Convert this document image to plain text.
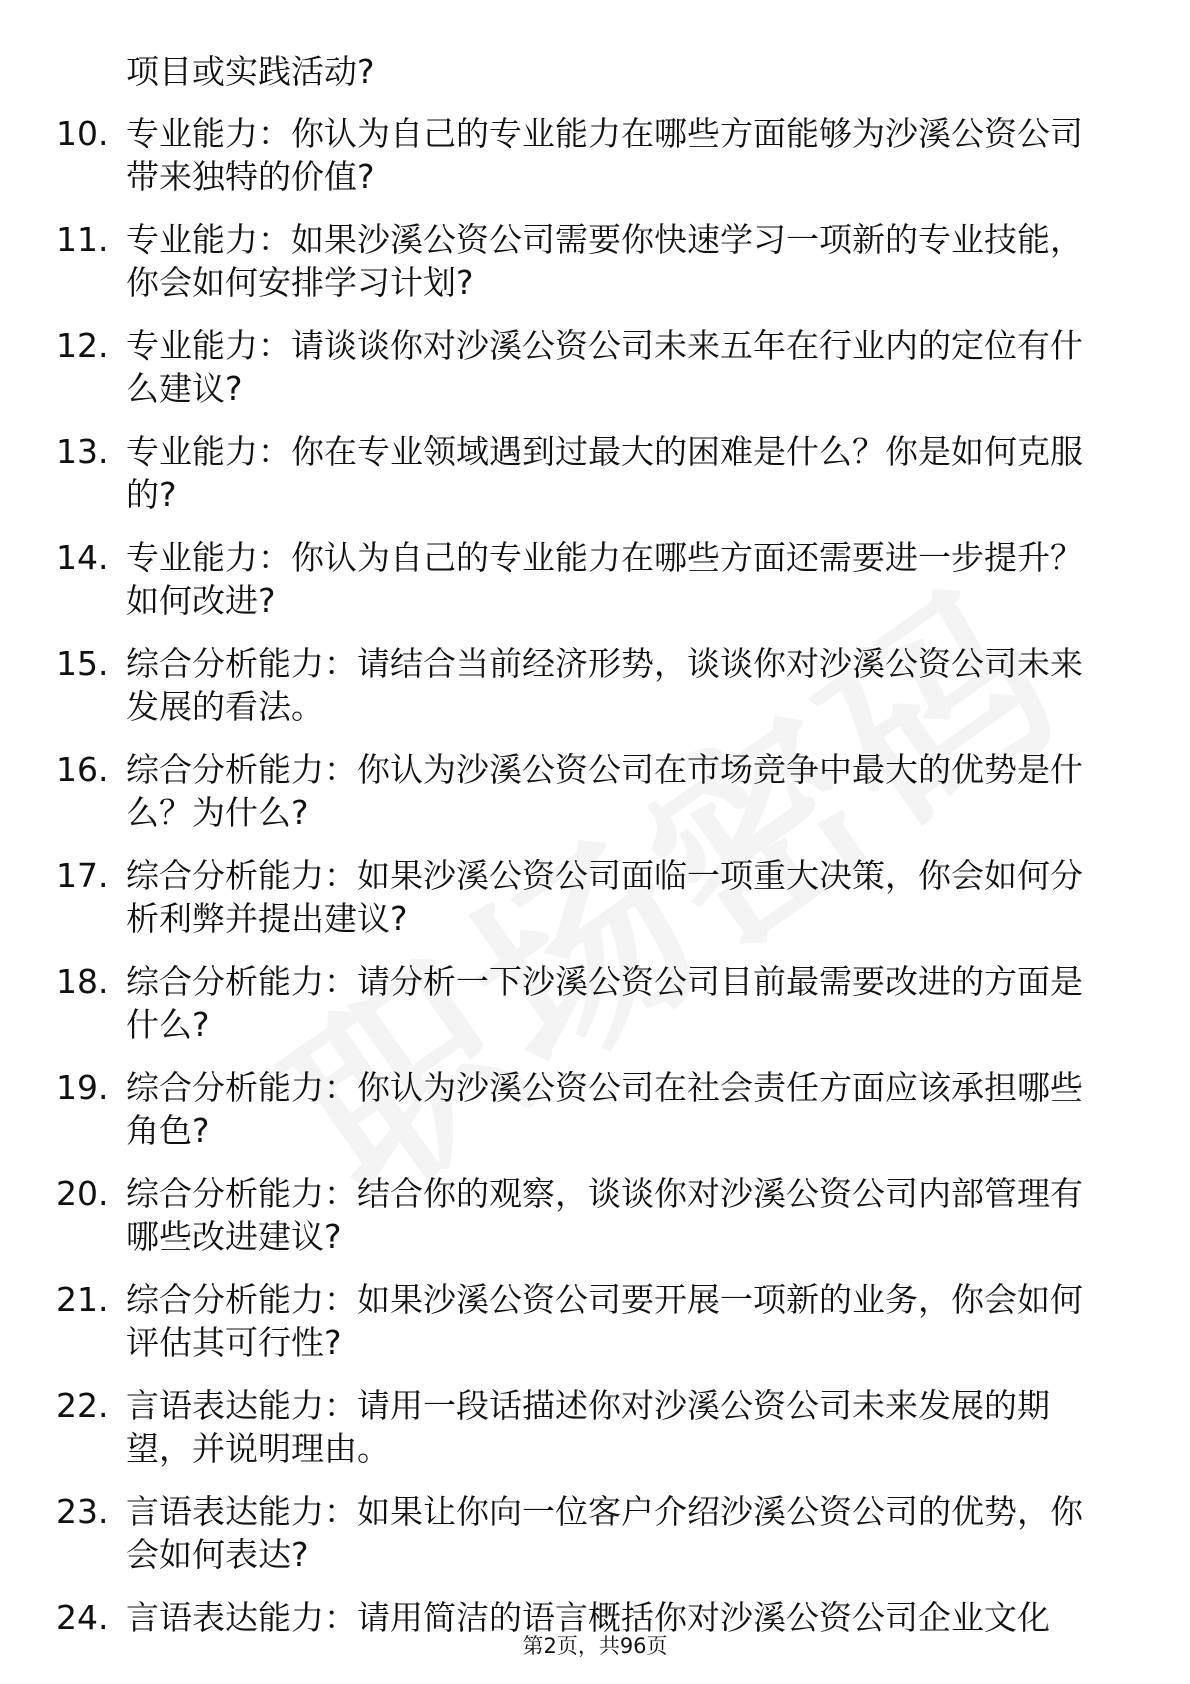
项目或实践活动?
10. 专业能力：你认为自己的专业能力在哪些方面能够为沙溪公资公司带来独特的价值?
11. 专业能力：如果沙溪公资公司需要你快速学习一项新的专业技能，你会如何安排学习计划?
12. 专业能力：请谈谈你对沙溪公资公司未来五年在行业内的定位有什么建议?
13. 专业能力：你在专业领域遇到过最大的困难是什么？你是如何克服的?
14. 专业能力：你认为自己的专业能力在哪些方面还需要进一步提升？如何改进?
15. 综合分析能力：请结合当前经济形势，谈谈你对沙溪公资公司未来发展的看法。
16. 综合分析能力：你认为沙溪公资公司在市场竞争中最大的优势是什么？为什么?
17. 综合分析能力：如果沙溪公资公司面临一项重大决策，你会如何分析利弊并提出建议?
18. 综合分析能力：请分析一下沙溪公资公司目前最需要改进的方面是什么?
19. 综合分析能力：你认为沙溪公资公司在社会责任方面应该承担哪些角色?
20. 综合分析能力：结合你的观察，谈谈你对沙溪公资公司内部管理有哪些改进建议?
21. 综合分析能力：如果沙溪公资公司要开展一项新的业务，你会如何评估其可行性?
22. 言语表达能力：请用一段话描述你对沙溪公资公司未来发展的期望，并说明理由。
23. 言语表达能力：如果让你向一位客户介绍沙溪公资公司的优势，你会如何表达?
24. 言语表达能力：请用简洁的语言概括你对沙溪公资公司企业文化
第2页，共96页
